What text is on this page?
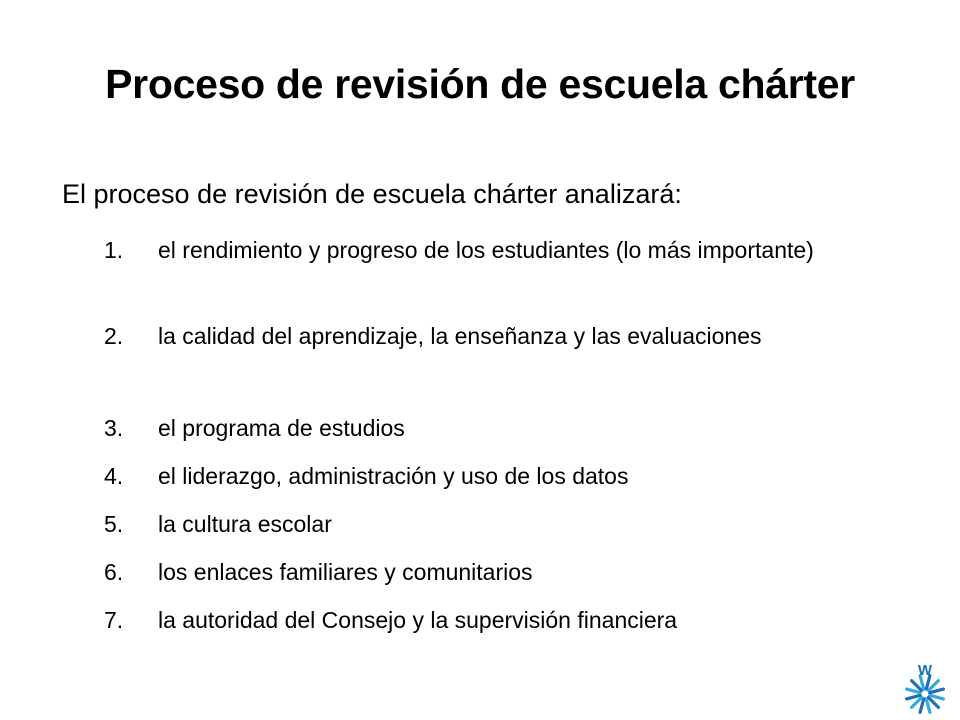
Proceso de revisión de escuela chárter
El proceso de revisión de escuela chárter analizará:
1.	el rendimiento y progreso de los estudiantes (lo más importante)
2.	la calidad del aprendizaje, la enseñanza y las evaluaciones
3.	el programa de estudios
4.	el liderazgo, administración y uso de los datos
5.	la cultura escolar
6.	los enlaces familiares y comunitarios
7.	la autoridad del Consejo y la supervisión financiera
W
